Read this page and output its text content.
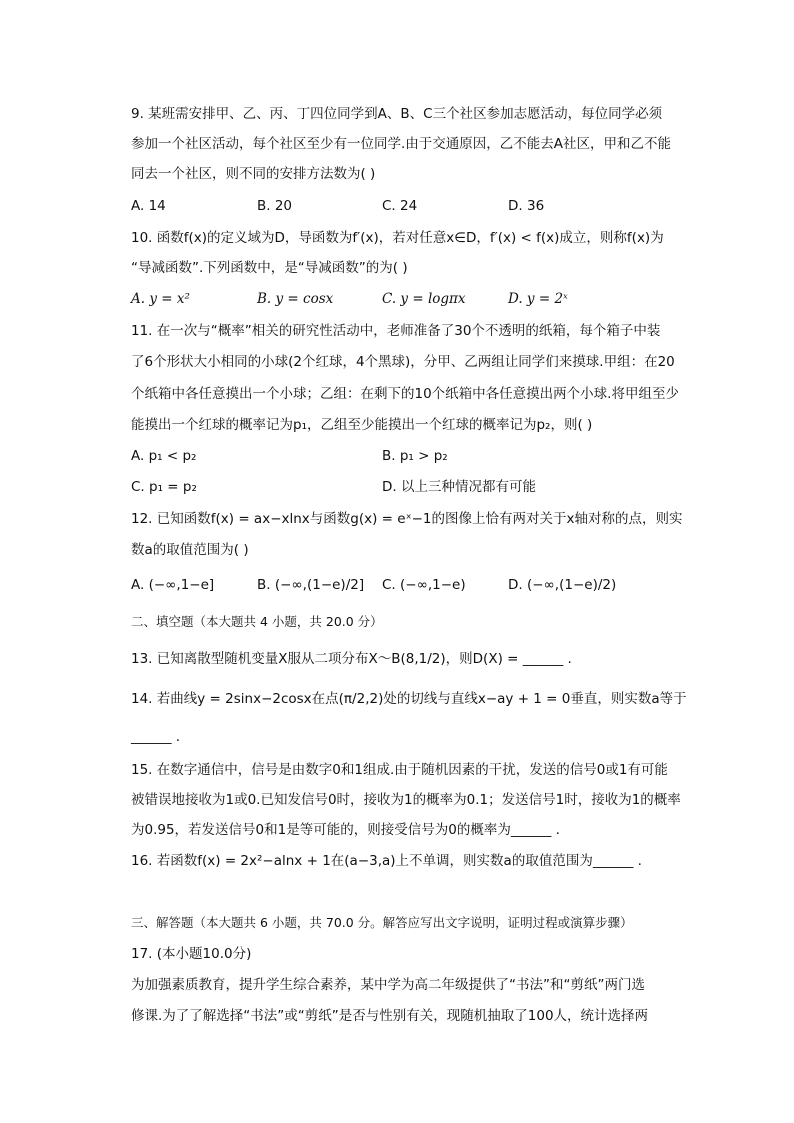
9. 某班需安排甲、乙、丙、丁四位同学到A、B、C三个社区参加志愿活动，每位同学必须
参加一个社区活动，每个社区至少有一位同学.由于交通原因，乙不能去A社区，甲和乙不能
同去一个社区，则不同的安排方法数为( )
A. 14	B. 20	C. 24	D. 36
10. 函数f(x)的定义域为D，导函数为f′(x)，若对任意x∈D，f′(x) < f(x)成立，则称f(x)为
“导减函数”.下列函数中，是“导减函数”的为( )
A. y = x²	B. y = cosx	C. y = logπx	D. y = 2ˣ
11. 在一次与“概率”相关的研究性活动中，老师准备了30个不透明的纸箱，每个箱子中装
了6个形状大小相同的小球(2个红球，4个黑球)，分甲、乙两组让同学们来摸球.甲组：在20
个纸箱中各任意摸出一个小球；乙组：在剩下的10个纸箱中各任意摸出两个小球.将甲组至少
能摸出一个红球的概率记为p₁，乙组至少能摸出一个红球的概率记为p₂，则( )
A. p₁ < p₂	B. p₁ > p₂
C. p₁ = p₂	D. 以上三种情况都有可能
12. 已知函数f(x) = ax−xlnx与函数g(x) = eˣ−1的图像上恰有两对关于x轴对称的点，则实
数a的取值范围为( )
A. (−∞,1−e]	B. (−∞,(1−e)/2] C. (−∞,1−e)	D. (−∞,(1−e)/2)
二、填空题（本大题共 4 小题，共 20.0 分）
13. 已知离散型随机变量X服从二项分布X～B(8,1/2)，则D(X) = ______ .
14. 若曲线y = 2sinx−2cosx在点(π/2,2)处的切线与直线x−ay + 1 = 0垂直，则实数a等于
______ .
15. 在数字通信中，信号是由数字0和1组成.由于随机因素的干扰，发送的信号0或1有可能
被错误地接收为1或0.已知发信号0时，接收为1的概率为0.1；发送信号1时，接收为1的概率
为0.95，若发送信号0和1是等可能的，则接受信号为0的概率为______ .
16. 若函数f(x) = 2x²−alnx + 1在(a−3,a)上不单调，则实数a的取值范围为______ .
三、解答题（本大题共 6 小题，共 70.0 分。解答应写出文字说明，证明过程或演算步骤）
17. (本小题10.0分)
为加强素质教育，提升学生综合素养，某中学为高二年级提供了“书法”和“剪纸”两门选
修课.为了了解选择“书法”或“剪纸”是否与性别有关，现随机抽取了100人，统计选择两
